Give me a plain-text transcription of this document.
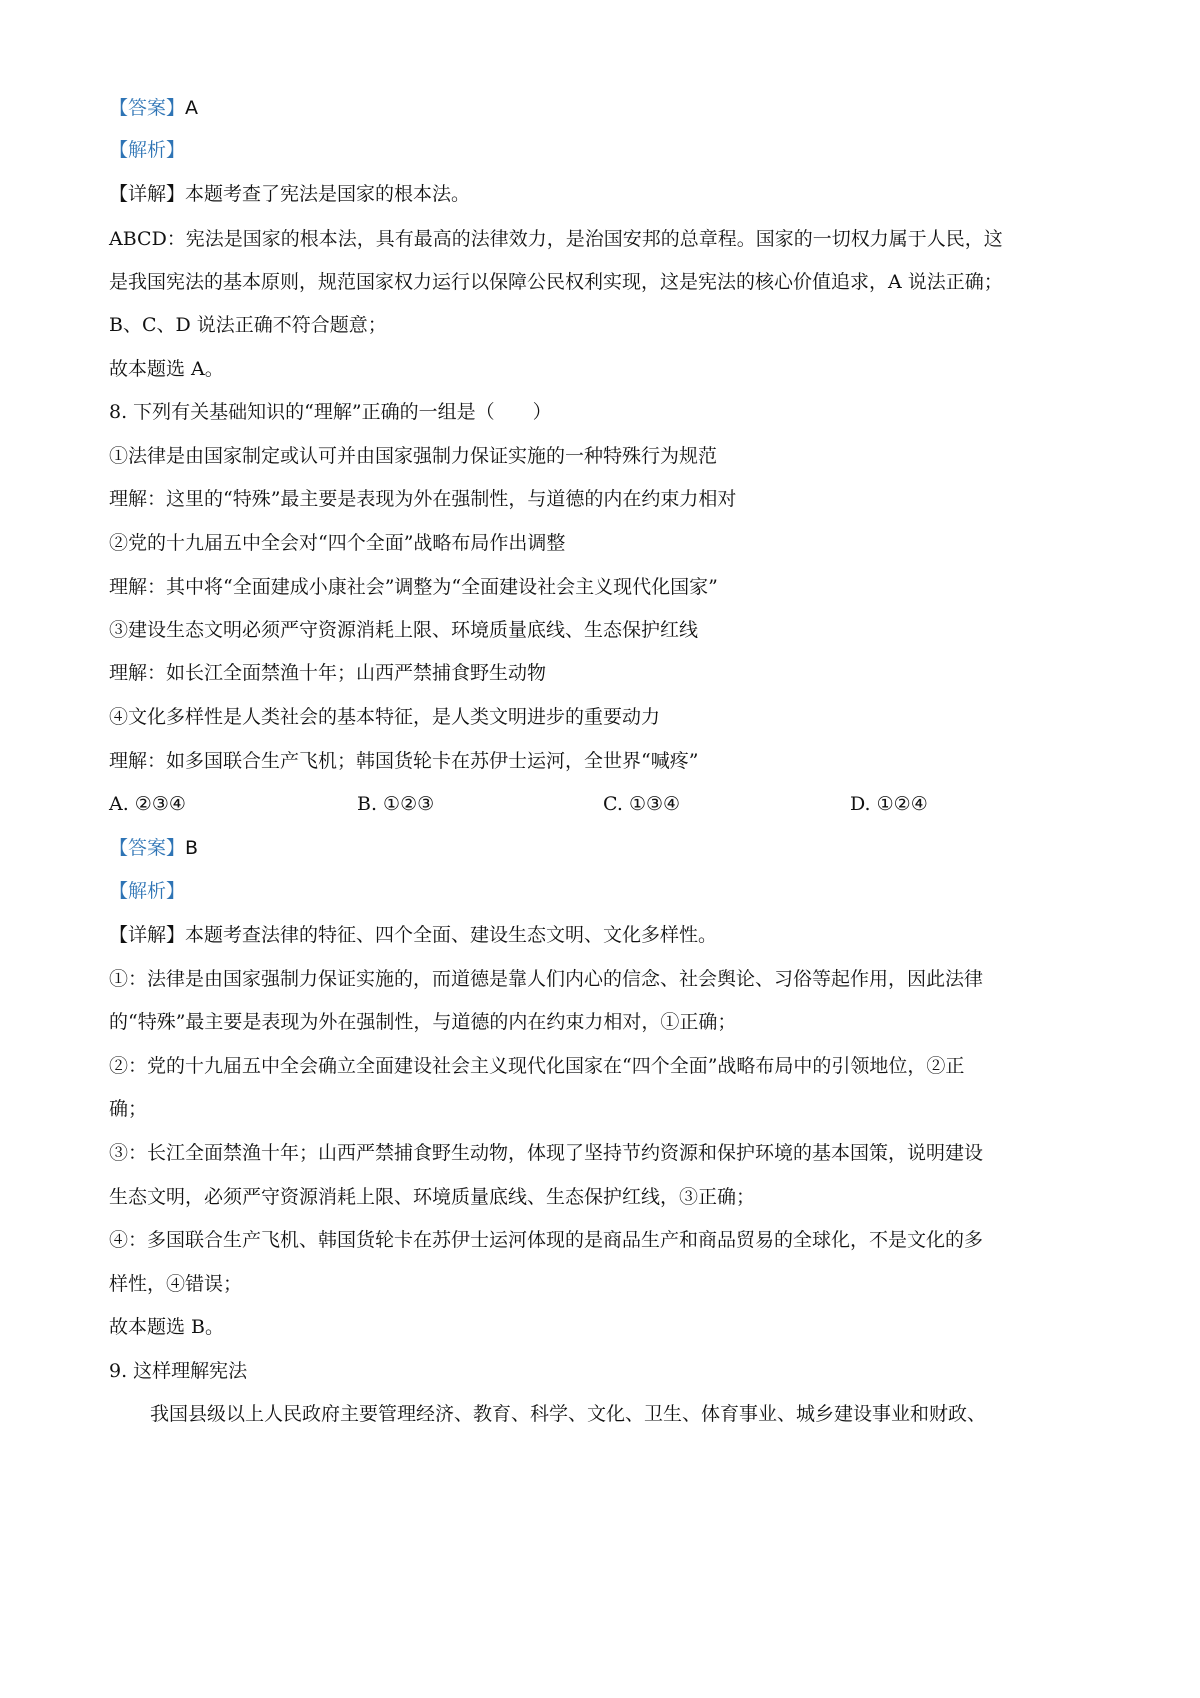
【答案】A
【解析】
【详解】本题考查了宪法是国家的根本法。
ABCD：宪法是国家的根本法，具有最高的法律效力，是治国安邦的总章程。国家的一切权力属于人民，这
是我国宪法的基本原则，规范国家权力运行以保障公民权利实现，这是宪法的核心价值追求，A 说法正确；
B、C、D 说法正确不符合题意；
故本题选 A。
8. 下列有关基础知识的“理解”正确的一组是（　　）
①法律是由国家制定或认可并由国家强制力保证实施的一种特殊行为规范
理解：这里的“特殊”最主要是表现为外在强制性，与道德的内在约束力相对
②党的十九届五中全会对“四个全面”战略布局作出调整
理解：其中将“全面建成小康社会”调整为“全面建设社会主义现代化国家”
③建设生态文明必须严守资源消耗上限、环境质量底线、生态保护红线
理解：如长江全面禁渔十年；山西严禁捕食野生动物
④文化多样性是人类社会的基本特征，是人类文明进步的重要动力
理解：如多国联合生产飞机；韩国货轮卡在苏伊士运河，全世界“喊疼”
A. ②③④	B. ①②③	C. ①③④	D. ①②④
【答案】B
【解析】
【详解】本题考查法律的特征、四个全面、建设生态文明、文化多样性。
①：法律是由国家强制力保证实施的，而道德是靠人们内心的信念、社会舆论、习俗等起作用，因此法律
的“特殊”最主要是表现为外在强制性，与道德的内在约束力相对，①正确；
②：党的十九届五中全会确立全面建设社会主义现代化国家在“四个全面”战略布局中的引领地位，②正
确；
③：长江全面禁渔十年；山西严禁捕食野生动物，体现了坚持节约资源和保护环境的基本国策，说明建设
生态文明，必须严守资源消耗上限、环境质量底线、生态保护红线，③正确；
④：多国联合生产飞机、韩国货轮卡在苏伊士运河体现的是商品生产和商品贸易的全球化，不是文化的多
样性，④错误；
故本题选 B。
9. 这样理解宪法
我国县级以上人民政府主要管理经济、教育、科学、文化、卫生、体育事业、城乡建设事业和财政、
